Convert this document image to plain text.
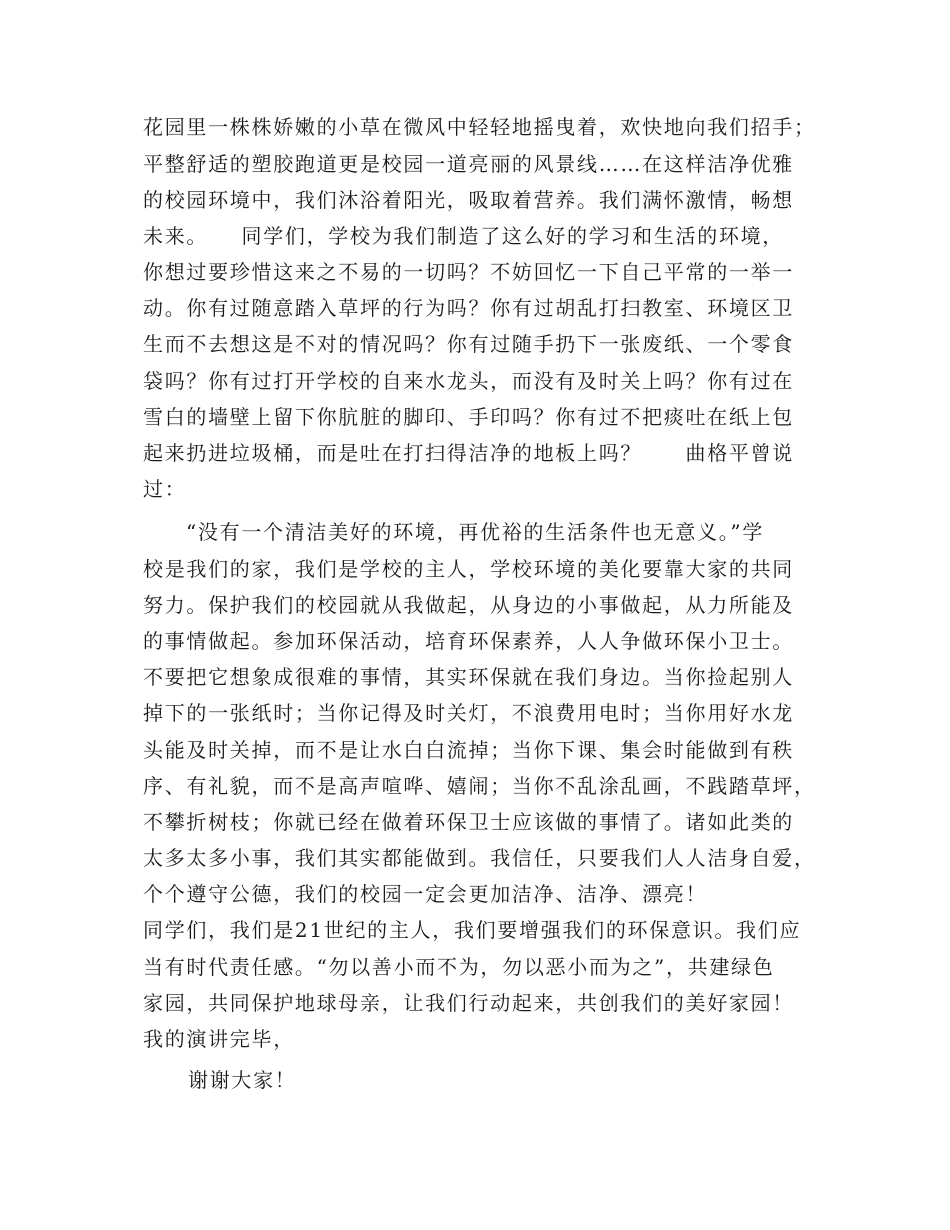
花园里一株株娇嫩的小草在微风中轻轻地摇曳着，欢快地向我们招手；
平整舒适的塑胶跑道更是校园一道亮丽的风景线……在这样洁净优雅
的校园环境中，我们沐浴着阳光，吸取着营养。我们满怀激情，畅想
未来。　　同学们，学校为我们制造了这么好的学习和生活的环境，
你想过要珍惜这来之不易的一切吗？不妨回忆一下自己平常的一举一
动。你有过随意踏入草坪的行为吗？你有过胡乱打扫教室、环境区卫
生而不去想这是不对的情况吗？你有过随手扔下一张废纸、一个零食
袋吗？你有过打开学校的自来水龙头，而没有及时关上吗？你有过在
雪白的墙壁上留下你肮脏的脚印、手印吗？你有过不把痰吐在纸上包
起来扔进垃圾桶，而是吐在打扫得洁净的地板上吗？　　曲格平曾说
过：
“没有一个清洁美好的环境，再优裕的生活条件也无意义。”学
校是我们的家，我们是学校的主人，学校环境的美化要靠大家的共同
努力。保护我们的校园就从我做起，从身边的小事做起，从力所能及
的事情做起。参加环保活动，培育环保素养，人人争做环保小卫士。
不要把它想象成很难的事情，其实环保就在我们身边。当你捡起别人
掉下的一张纸时；当你记得及时关灯，不浪费用电时；当你用好水龙
头能及时关掉，而不是让水白白流掉；当你下课、集会时能做到有秩
序、有礼貌，而不是高声喧哗、嬉闹；当你不乱涂乱画，不践踏草坪，
不攀折树枝；你就已经在做着环保卫士应该做的事情了。诸如此类的
太多太多小事，我们其实都能做到。我信任，只要我们人人洁身自爱，
个个遵守公德，我们的校园一定会更加洁净、洁净、漂亮！
同学们，我们是21世纪的主人，我们要增强我们的环保意识。我们应
当有时代责任感。“勿以善小而不为，勿以恶小而为之”，共建绿色
家园，共同保护地球母亲，让我们行动起来，共创我们的美好家园！
我的演讲完毕，
谢谢大家！
